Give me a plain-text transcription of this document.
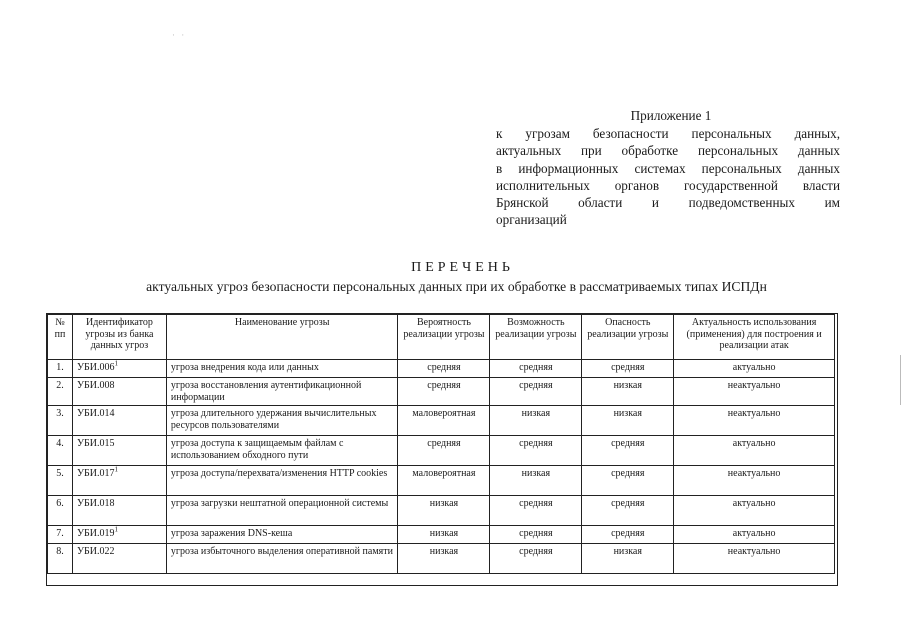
· ·
Приложение 1
к угрозам безопасности персональных данных,
актуальных при обработке персональных данных
в информационных системах персональных данных
исполнительных органов государственной власти
Брянской области и подведомственных им
организаций
ПЕРЕЧЕНЬ
актуальных угроз безопасности персональных данных при их обработке в рассматриваемых типах ИСПДн
№ пп	Идентификатор угрозы из банка данных угроз	Наименование угрозы	Вероятность реализации угрозы	Возможность реализации угрозы	Опасность реализации угрозы	Актуальность использования (применения) для построения и реализации атак
1.	УБИ.006$^1$	угроза внедрения кода или данных	средняя	средняя	средняя	актуально
2.	УБИ.008	угроза восстановления аутентификационной информации	средняя	средняя	низкая	неактуально
3.	УБИ.014	угроза длительного удержания вычислительных ресурсов пользователями	маловероятная	низкая	низкая	неактуально
4.	УБИ.015	угроза доступа к защищаемым файлам с использованием обходного пути	средняя	средняя	средняя	актуально
5.	УБИ.017$^1$	угроза доступа/перехвата/изменения HTTP cookies	маловероятная	низкая	средняя	неактуально
6.	УБИ.018	угроза загрузки нештатной операционной системы	низкая	средняя	средняя	актуально
7.	УБИ.019$^1$	угроза заражения DNS-кеша	низкая	средняя	средняя	актуально
8.	УБИ.022	угроза избыточного выделения оперативной памяти	низкая	средняя	низкая	неактуально
